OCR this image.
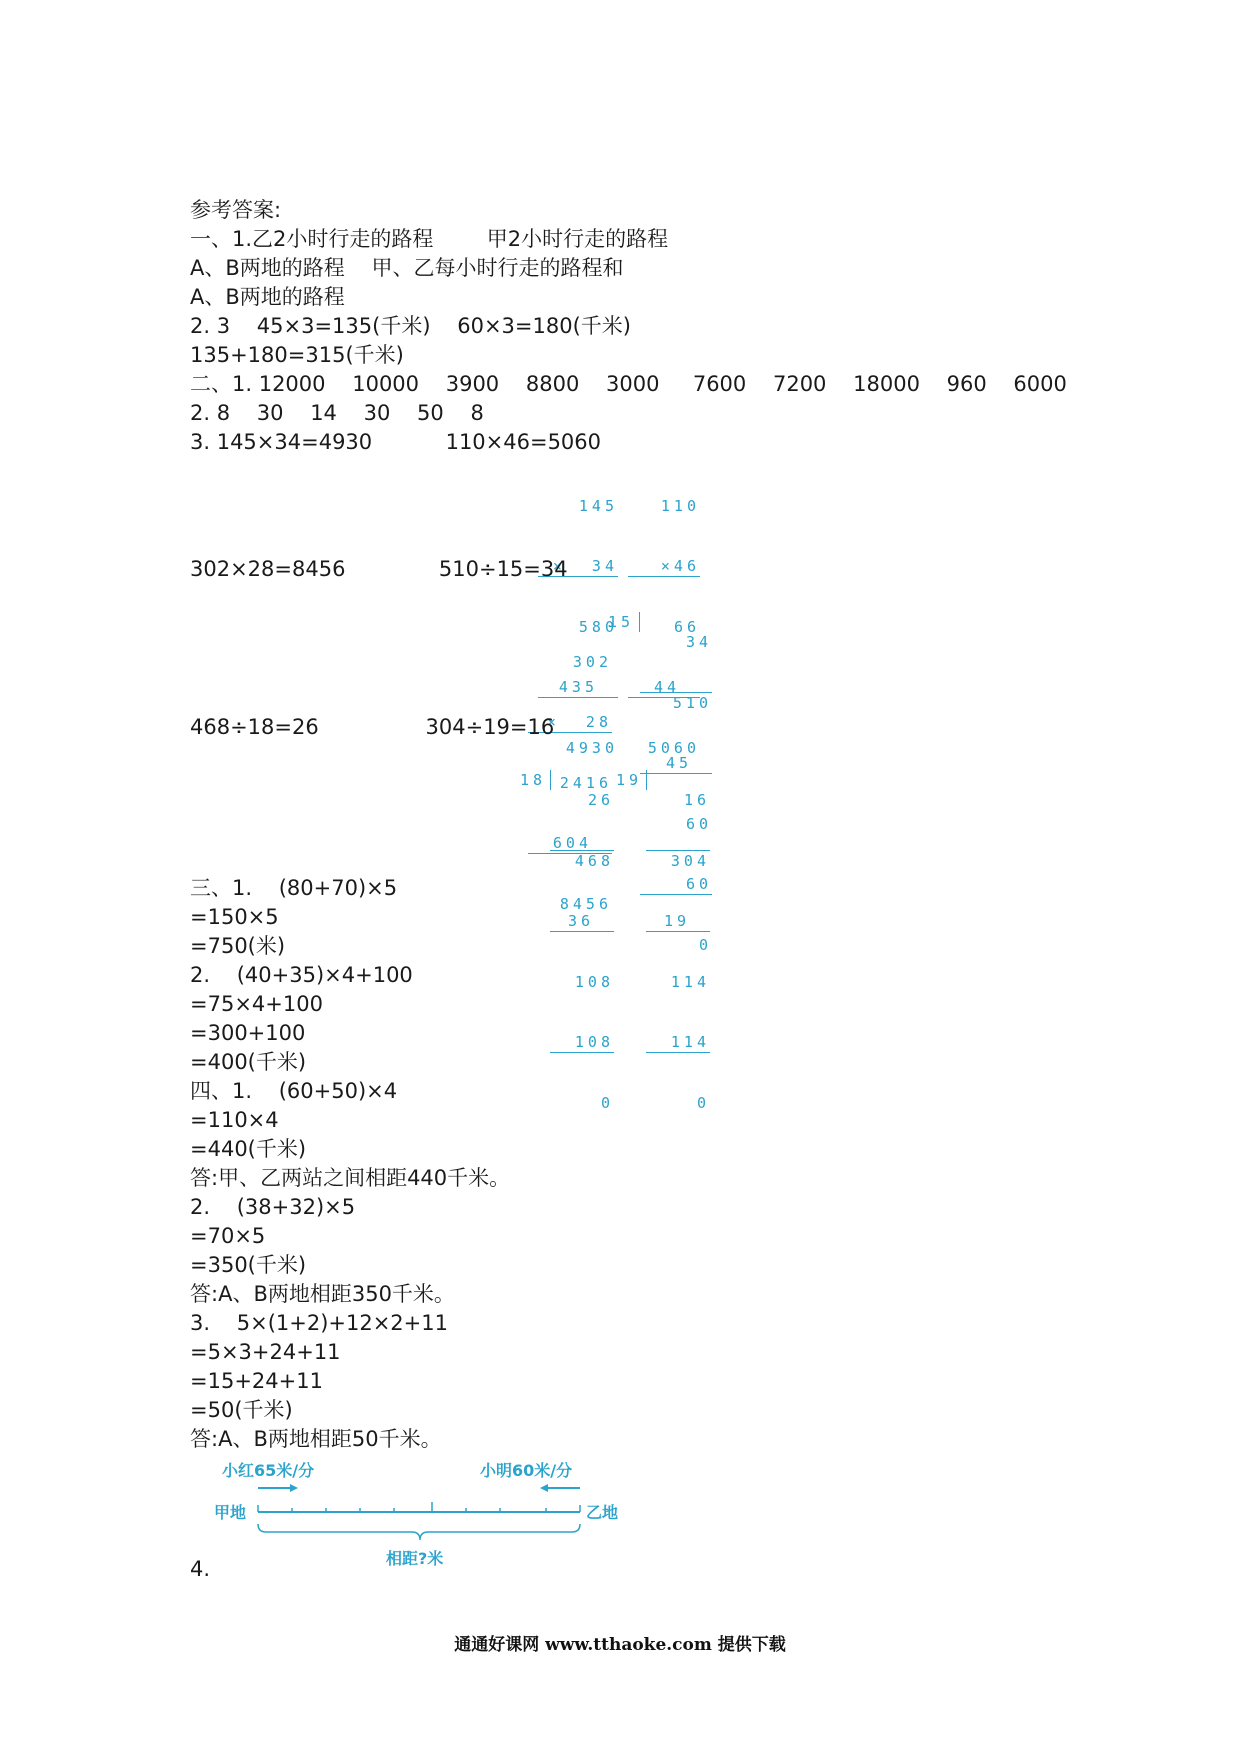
参考答案:
一、1.乙2小时行走的路程        甲2小时行走的路程
A、B两地的路程    甲、乙每小时行走的路程和
A、B两地的路程
2. 3    45×3=135(千米)    60×3=180(千米)
135+180=315(千米)
二、1. 12000    10000    3900    8800    3000     7600    7200    18000    960    6000
2. 8    30    14    30    50    8
3. 145×34=4930           110×46=5060

145

×  34

580

435

4930

110

×46

66

44

5060

302×28=8456              510÷15=34

302

×  28

2416

604

8456

34

510

45

60

60

0

15
468÷18=26                304÷19=16

26

468

36

108

108

0

18

16

304

19

114

114

0

19
三、1.    (80+70)×5
=150×5
=750(米)
2.    (40+35)×4+100
=75×4+100
=300+100
=400(千米)
四、1.    (60+50)×4
=110×4
=440(千米)
答:甲、乙两站之间相距440千米。
2.    (38+32)×5
=70×5
=350(千米)
答:A、B两地相距350千米。
3.    5×(1+2)+12×2+11
=5×3+24+11
=15+24+11
=50(千米)
答:A、B两地相距50千米。
小红65米/分	小明60米/分
甲地	乙地
相距?米
4.
通通好课网 www.tthaoke.com 提供下载
